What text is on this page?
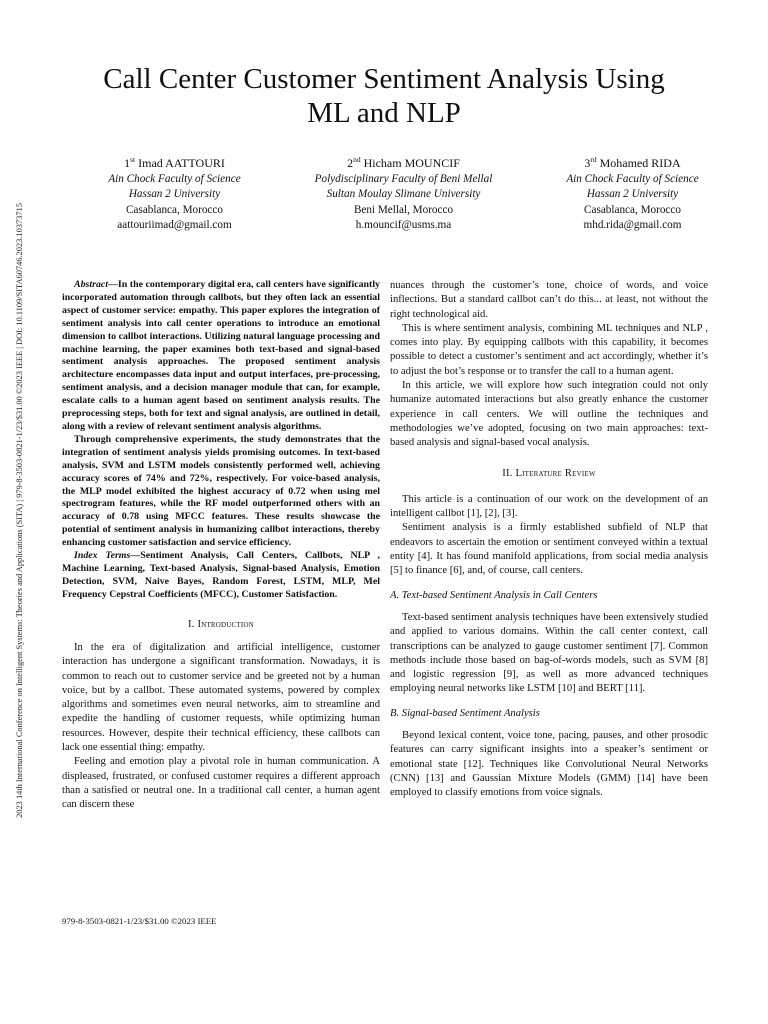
2023 14th International Conference on Intelligent Systems: Theories and Applications (SITA) | 979-8-3503-0821-1/23/$31.00 ©2023 IEEE | DOI: 10.1109/SITA60746.2023.10373715
Call Center Customer Sentiment Analysis Using
ML and NLP
1st Imad AATTOURI
Ain Chock Faculty of Science
Hassan 2 University
Casablanca, Morocco
aattouriimad@gmail.com
2nd Hicham MOUNCIF
Polydisciplinary Faculty of Beni Mellal
Sultan Moulay Slimane University
Beni Mellal, Morocco
h.mouncif@usms.ma
3rd Mohamed RIDA
Ain Chock Faculty of Science
Hassan 2 University
Casablanca, Morocco
mhd.rida@gmail.com

Abstract—In the contemporary digital era, call centers have significantly incorporated automation through callbots, but they often lack an essential aspect of customer service: empathy. This paper explores the integration of sentiment analysis into call center operations to introduce an emotional dimension to callbot interactions. Utilizing natural language processing and machine learning, the paper examines both text-based and signal-based sentiment analysis approaches. The proposed sentiment analysis architecture encompasses data input and output interfaces, pre-processing, sentiment analysis, and a decision manager module that can, for example, escalate calls to a human agent based on sentiment analysis results. The preprocessing steps, both for text and signal analysis, are outlined in detail, along with a review of relevant sentiment analysis algorithms.

Through comprehensive experiments, the study demonstrates that the integration of sentiment analysis yields promising outcomes. In text-based analysis, SVM and LSTM models consistently performed well, achieving accuracy scores of 74% and 72%, respectively. For voice-based analysis, the MLP model exhibited the highest accuracy of 0.72 when using mel spectrogram features, while the RF model outperformed others with an accuracy of 0.78 using MFCC features. These results showcase the potential of sentiment analysis in humanizing callbot interactions, thereby enhancing customer satisfaction and service efficiency.

Index Terms—Sentiment Analysis, Call Centers, Callbots, NLP , Machine Learning, Text-based Analysis, Signal-based Analysis, Emotion Detection, SVM, Naive Bayes, Random Forest, LSTM, MLP, Mel Frequency Cepstral Coefficients (MFCC), Customer Satisfaction.

I. Introduction

In the era of digitalization and artificial intelligence, customer interaction has undergone a significant transformation. Nowadays, it is common to reach out to customer service and be greeted not by a human voice, but by a callbot. These automated systems, powered by complex algorithms and sometimes even neural networks, aim to streamline and expedite the handling of customer requests, while optimizing human resources. However, despite their technical efficiency, these callbots can lack one essential thing: empathy.

Feeling and emotion play a pivotal role in human communication. A displeased, frustrated, or confused customer requires a different approach than a satisfied or neutral one. In a traditional call center, a human agent can discern these

nuances through the customer’s tone, choice of words, and voice inflections. But a standard callbot can’t do this... at least, not without the right technological aid.

This is where sentiment analysis, combining ML techniques and NLP , comes into play. By equipping callbots with this capability, it becomes possible to detect a customer’s sentiment and act accordingly, whether it’s to adjust the bot’s response or to transfer the call to a human agent.

In this article, we will explore how such integration could not only humanize automated interactions but also greatly enhance the customer experience in call centers. We will outline the techniques and methodologies we’ve adopted, focusing on two main approaches: text-based analysis and signal-based vocal analysis.

II. Literature Review

This article is a continuation of our work on the development of an intelligent callbot [1], [2], [3].

Sentiment analysis is a firmly established subfield of NLP that endeavors to ascertain the emotion or sentiment conveyed within a textual entity [4]. It has found manifold applications, from social media analysis [5] to finance [6], and, of course, call centers.

A. Text-based Sentiment Analysis in Call Centers

Text-based sentiment analysis techniques have been extensively studied and applied to various domains. Within the call center context, call transcriptions can be analyzed to gauge customer sentiment [7]. Common methods include those based on bag-of-words models, such as SVM [8] and logistic regression [9], as well as more advanced techniques employing neural networks like LSTM [10] and BERT [11].

B. Signal-based Sentiment Analysis

Beyond lexical content, voice tone, pacing, pauses, and other prosodic features can carry significant insights into a speaker’s sentiment or emotional state [12]. Techniques like Convolutional Neural Networks (CNN) [13] and Gaussian Mixture Models (GMM) [14] have been employed to classify emotions from voice signals.

979-8-3503-0821-1/23/$31.00 ©2023 IEEE
